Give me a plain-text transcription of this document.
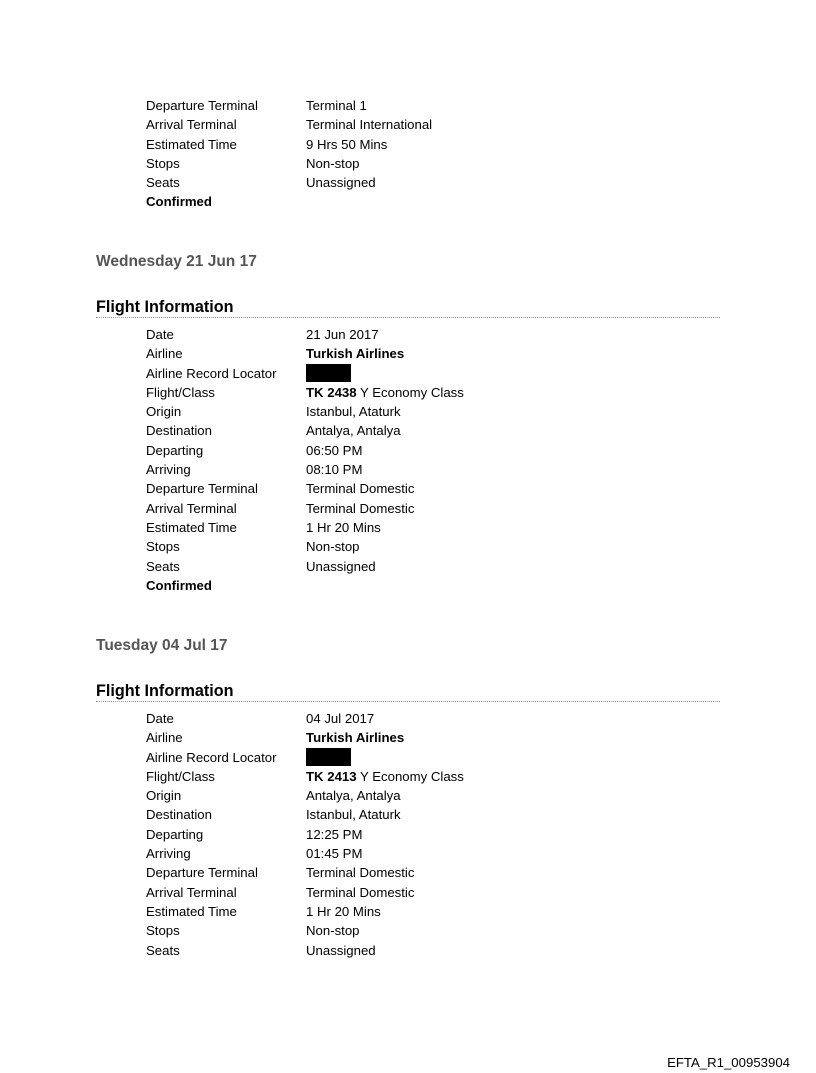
Departure Terminal	Terminal 1
Arrival Terminal	Terminal International
Estimated Time	9 Hrs 50 Mins
Stops	Non-stop
Seats	Unassigned
Confirmed
Wednesday 21 Jun 17
Flight Information
Date	21 Jun 2017
Airline	Turkish Airlines
Airline Record Locator
Flight/Class	TK 2438 Y Economy Class
Origin	Istanbul, Ataturk
Destination	Antalya, Antalya
Departing	06:50 PM
Arriving	08:10 PM
Departure Terminal	Terminal Domestic
Arrival Terminal	Terminal Domestic
Estimated Time	1 Hr 20 Mins
Stops	Non-stop
Seats	Unassigned
Confirmed
Tuesday 04 Jul 17
Flight Information
Date	04 Jul 2017
Airline	Turkish Airlines
Airline Record Locator
Flight/Class	TK 2413 Y Economy Class
Origin	Antalya, Antalya
Destination	Istanbul, Ataturk
Departing	12:25 PM
Arriving	01:45 PM
Departure Terminal	Terminal Domestic
Arrival Terminal	Terminal Domestic
Estimated Time	1 Hr 20 Mins
Stops	Non-stop
Seats	Unassigned
EFTA_R1_00953904
